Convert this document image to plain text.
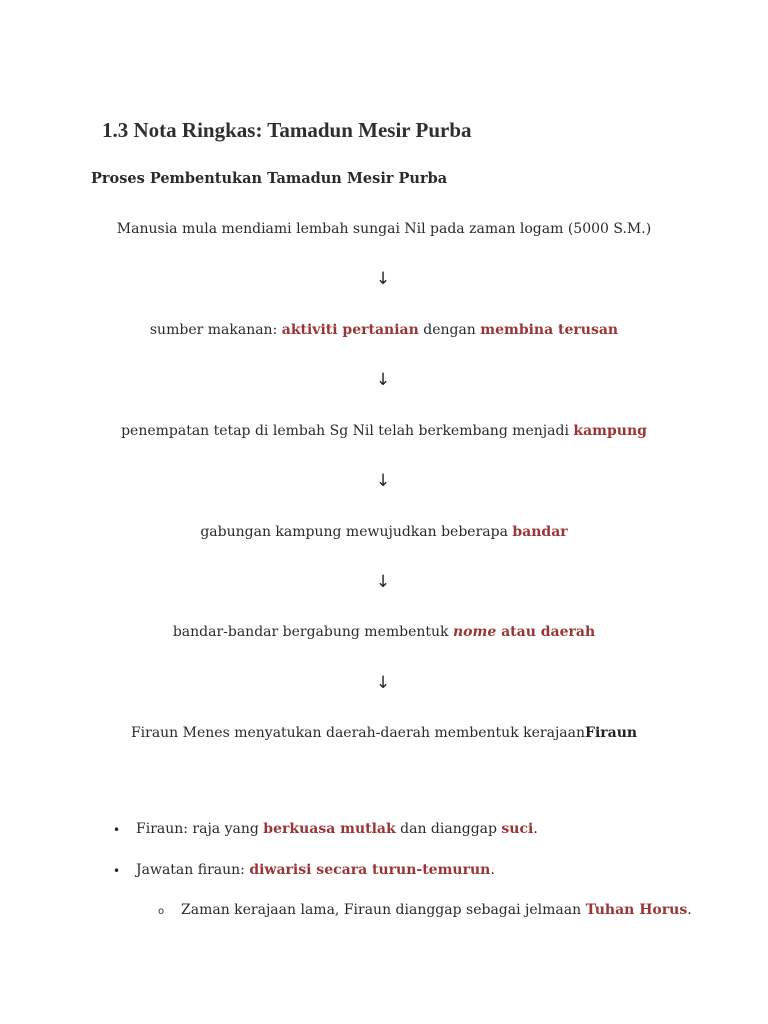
1.3 Nota Ringkas: Tamadun Mesir Purba
Proses Pembentukan Tamadun Mesir Purba

Manusia mula mendiami lembah sungai Nil pada zaman logam (5000 S.M.)

↓

sumber makanan: aktiviti pertanian dengan membina terusan

↓

penempatan tetap di lembah Sg Nil telah berkembang menjadi kampung

↓

gabungan kampung mewujudkan beberapa bandar

↓

bandar-bandar bergabung membentuk nome atau daerah

↓

Firaun Menes menyatukan daerah-daerah membentuk kerajaanFiraun

• Firaun: raja yang berkuasa mutlak dan dianggap suci.

• Jawatan firaun: diwarisi secara turun-temurun.

o Zaman kerajaan lama, Firaun dianggap sebagai jelmaan Tuhan Horus.
